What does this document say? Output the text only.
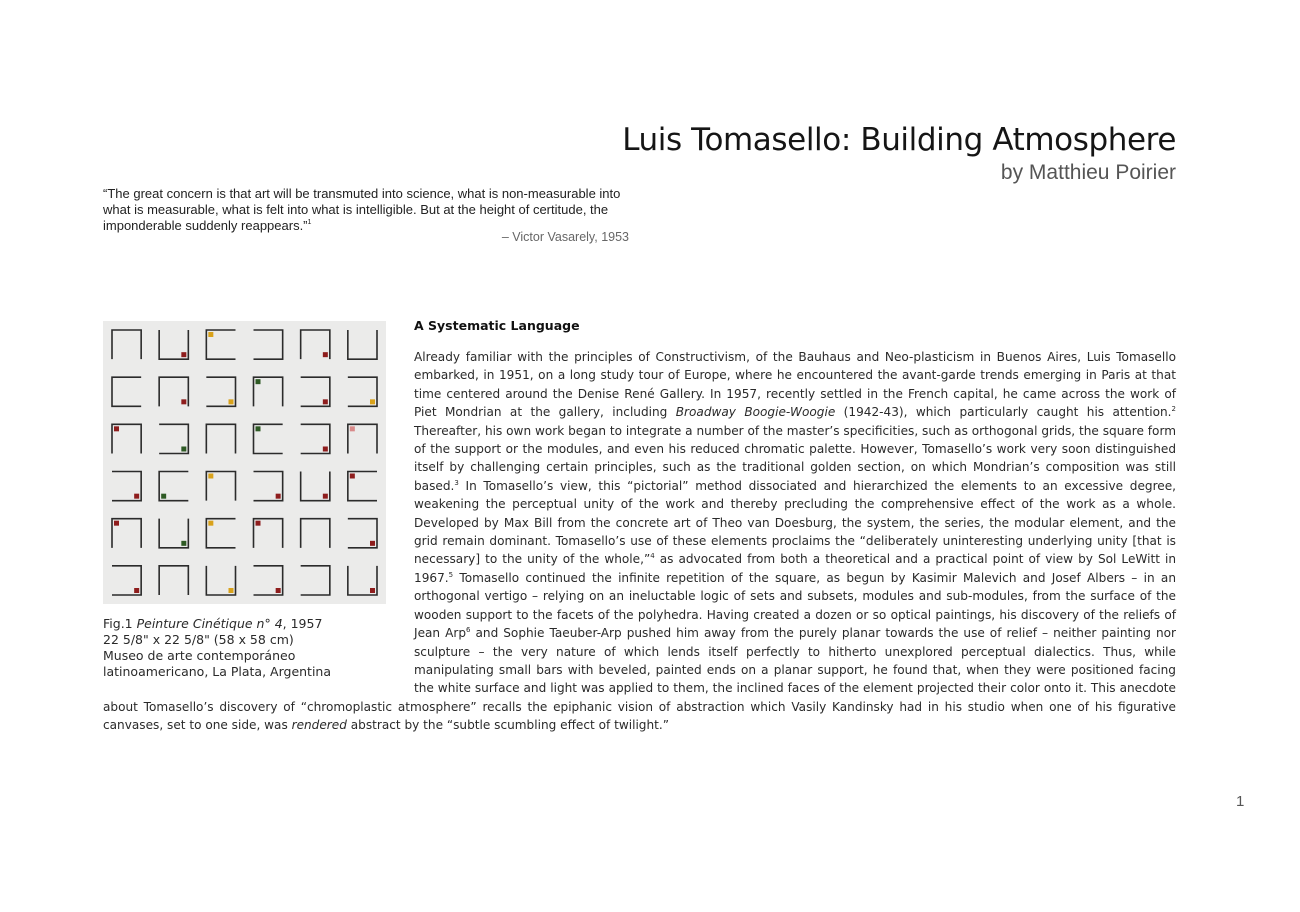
Luis Tomasello: Building Atmosphere
by Matthieu Poirier

“The great concern is that art will be transmuted into science, what is non-measurable into what is measurable, what is felt into what is intelligible. But at the height of certitude, the imponderable suddenly reappears.”$^1$

– Victor Vasarely, 1953
Fig.1 Peinture Cinétique n° 4, 1957
22 5/8" x 22 5/8" (58 x 58 cm)
Museo de arte contemporáneo
latinoamericano, La Plata, Argentina
A Systematic Language

Already familiar with the principles of Constructivism, of the Bauhaus and Neo-plasticism in Buenos Aires, Luis Tomasello embarked, in 1951, on a long study tour of Europe, where he encountered the avant-garde trends emerging in Paris at that time centered around the Denise René Gallery. In 1957, recently settled in the French capital, he came across the work of Piet Mondrian at the gallery, including Broadway Boogie-Woogie (1942-43), which particularly caught his attention.$^2$ Thereafter, his own work began to integrate a number of the master’s specificities, such as orthogonal grids, the square form of the support or the modules, and even his reduced chromatic palette. However, Tomasello’s work very soon distinguished itself by challenging certain principles, such as the traditional golden section, on which Mondrian’s composition was still based.$^3$ In Tomasello’s view, this “pictorial” method dissociated and hierarchized the elements to an excessive degree, weakening the perceptual unity of the work and thereby precluding the comprehensive effect of the work as a whole. Developed by Max Bill from the concrete art of Theo van Doesburg, the system, the series, the modular element, and the grid remain dominant. Tomasello’s use of these elements proclaims the “deliberately uninteresting underlying unity [that is necessary] to the unity of the whole,”$^4$ as advocated from both a theoretical and a practical point of view by Sol LeWitt in 1967.$^5$ Tomasello continued the infinite repetition of the square, as begun by Kasimir Malevich and Josef Albers – in an orthogonal vertigo – relying on an ineluctable logic of sets and subsets, modules and sub-modules, from the surface of the wooden support to the facets of the polyhedra. Having created a dozen or so optical paintings, his discovery of the reliefs of Jean Arp$^6$ and Sophie Taeuber-Arp pushed him away from the purely planar towards the use of relief – neither painting nor sculpture – the very nature of which lends itself perfectly to hitherto unexplored perceptual dialectics. Thus, while manipulating small bars with beveled, painted ends on a planar support, he found that, when they were positioned facing the white surface and light was applied to them, the inclined faces of the element projected their color onto it. This anecdote about Tomasello’s discovery of “chromoplastic atmosphere” recalls the epiphanic vision of abstraction which Vasily Kandinsky had in his studio when one of his figurative canvases, set to one side, was rendered abstract by the “subtle scumbling effect of twilight.”

1
